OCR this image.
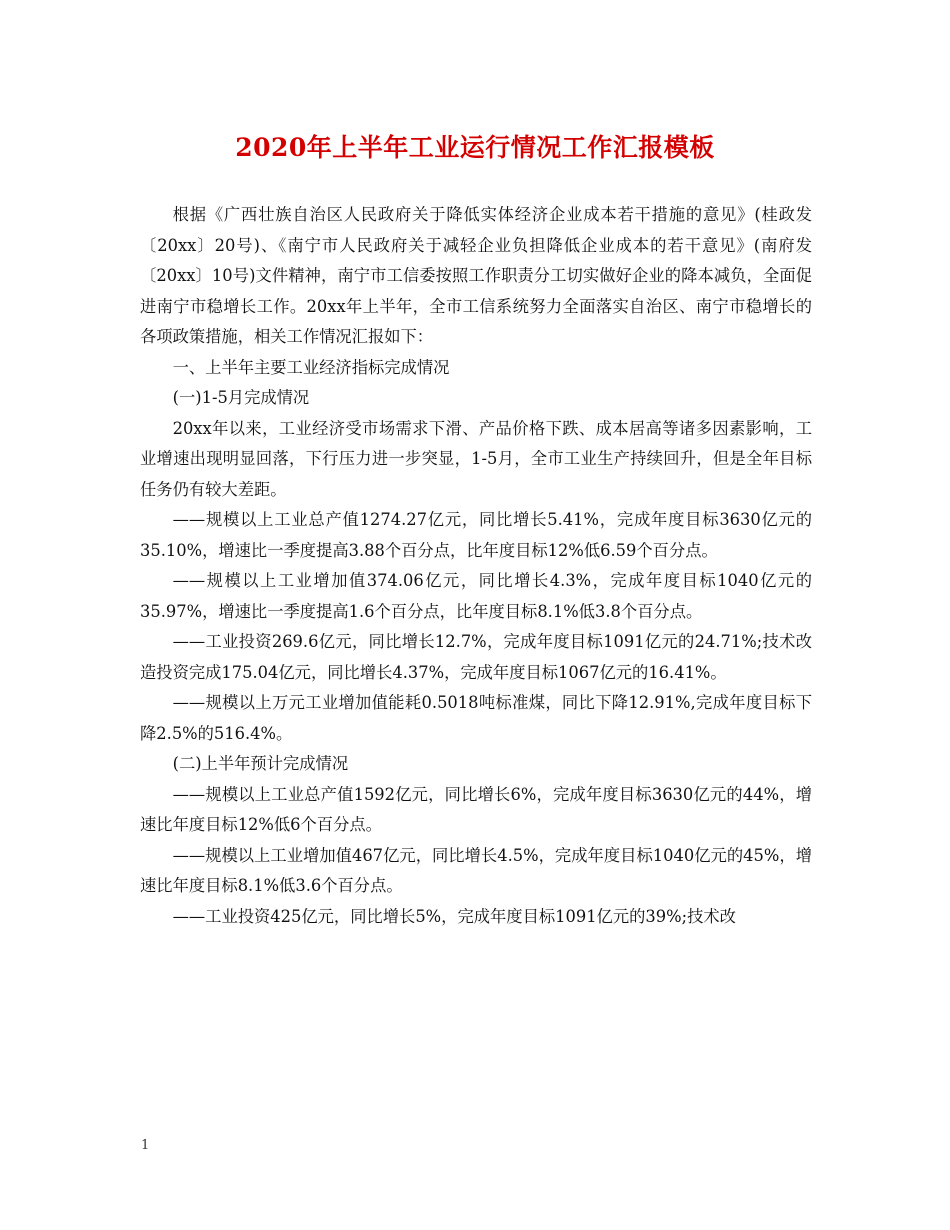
2020年上半年工业运行情况工作汇报模板

根据《广西壮族自治区人民政府关于降低实体经济企业成本若干措施的意见》(桂政发〔20xx〕20号)、《南宁市人民政府关于减轻企业负担降低企业成本的若干意见》(南府发〔20xx〕10号)文件精神，南宁市工信委按照工作职责分工切实做好企业的降本减负，全面促进南宁市稳增长工作。20xx年上半年，全市工信系统努力全面落实自治区、南宁市稳增长的各项政策措施，相关工作情况汇报如下：

一、上半年主要工业经济指标完成情况

(一)1-5月完成情况

20xx年以来，工业经济受市场需求下滑、产品价格下跌、成本居高等诸多因素影响，工业增速出现明显回落，下行压力进一步突显，1-5月，全市工业生产持续回升，但是全年目标任务仍有较大差距。

——规模以上工业总产值1274.27亿元，同比增长5.41%，完成年度目标3630亿元的35.10%，增速比一季度提高3.88个百分点，比年度目标12%低6.59个百分点。

——规模以上工业增加值374.06亿元，同比增长4.3%，完成年度目标1040亿元的35.97%，增速比一季度提高1.6个百分点，比年度目标8.1%低3.8个百分点。

——工业投资269.6亿元，同比增长12.7%，完成年度目标1091亿元的24.71%;技术改造投资完成175.04亿元，同比增长4.37%，完成年度目标1067亿元的16.41%。

——规模以上万元工业增加值能耗0.5018吨标准煤，同比下降12.91%,完成年度目标下降2.5%的516.4%。

(二)上半年预计完成情况

——规模以上工业总产值1592亿元，同比增长6%，完成年度目标3630亿元的44%，增速比年度目标12%低6个百分点。

——规模以上工业增加值467亿元，同比增长4.5%，完成年度目标1040亿元的45%，增速比年度目标8.1%低3.6个百分点。

——工业投资425亿元，同比增长5%，完成年度目标1091亿元的39%;技术改

1
